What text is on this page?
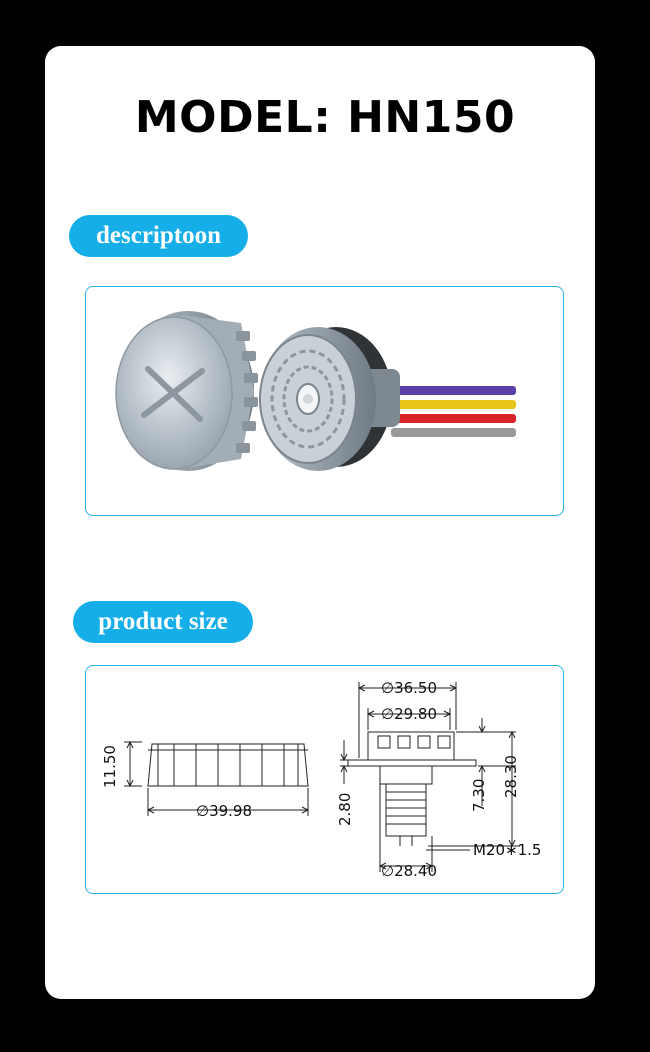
MODEL: HN150
descriptoon
product size
11.50
∅39.98
∅36.50
∅29.80
2.80	7.30 28.30
∅28.40
M20∗1.5
